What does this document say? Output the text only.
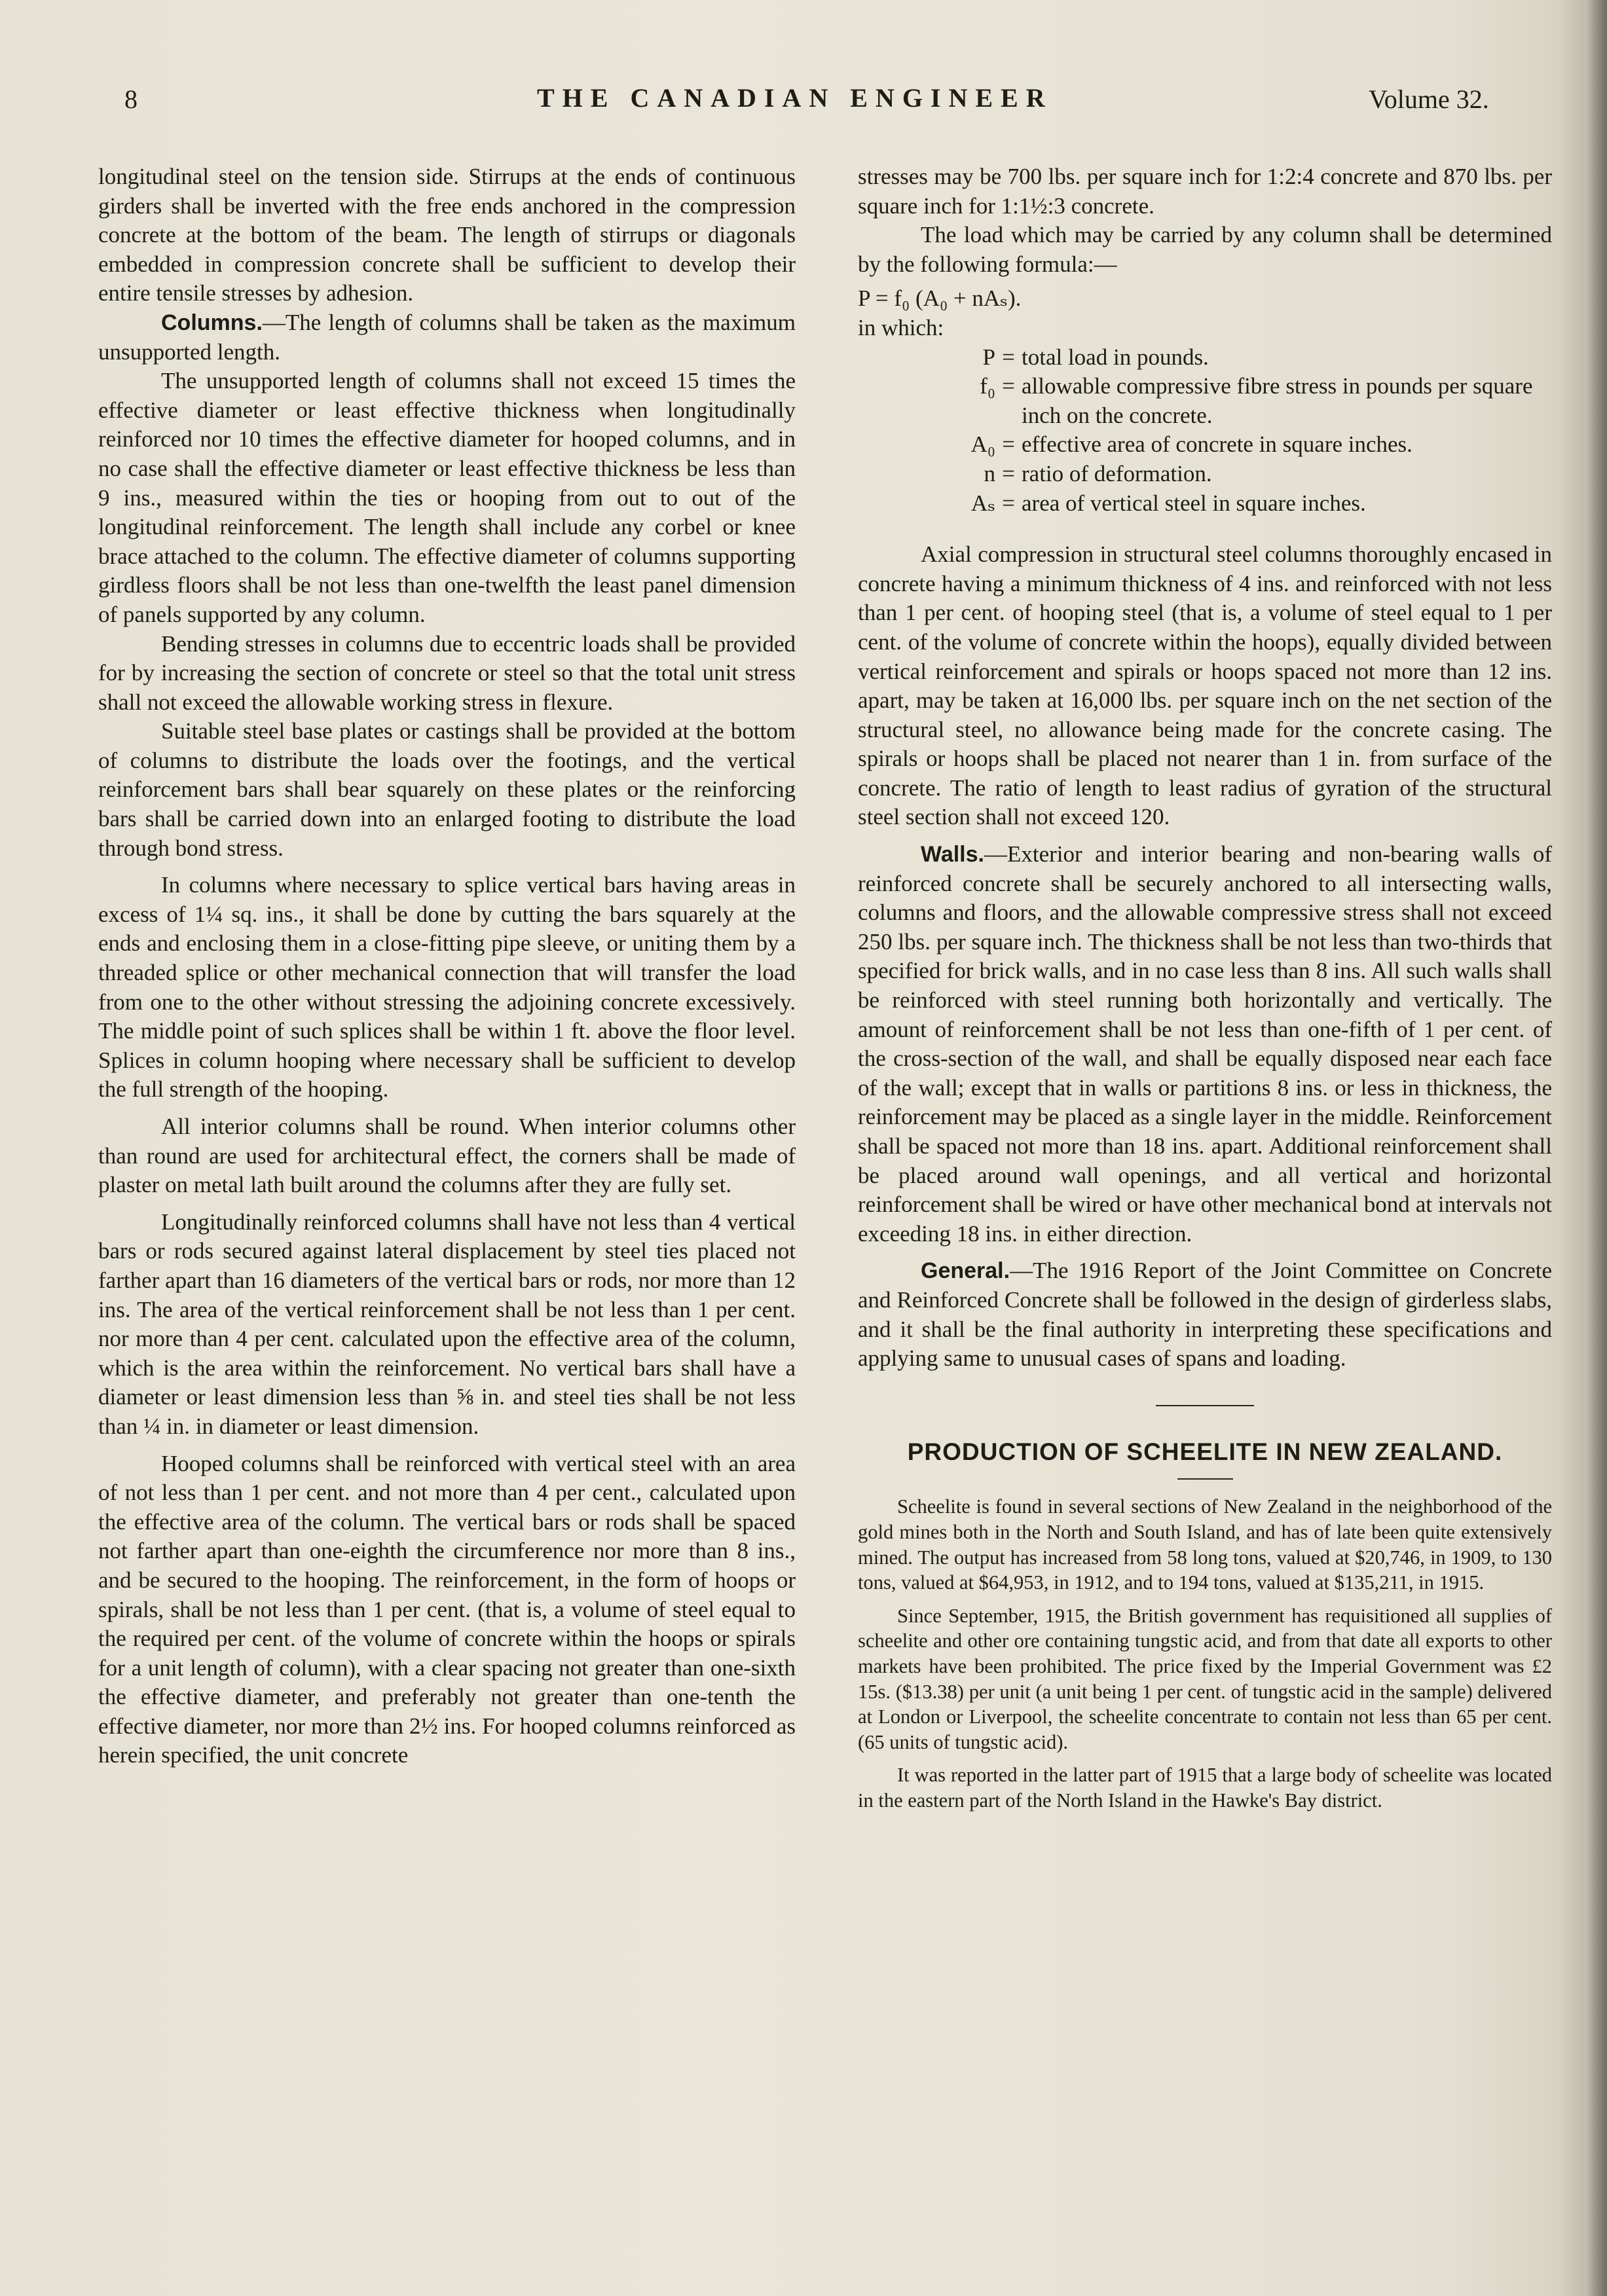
8	THE CANADIAN ENGINEER	Volume 32.

longitudinal steel on the tension side. Stirrups at the ends of continuous girders shall be inverted with the free ends anchored in the compression concrete at the bottom of the beam. The length of stirrups or diagonals embedded in compression concrete shall be sufficient to develop their entire tensile stresses by adhesion.

Columns.—The length of columns shall be taken as the maximum unsupported length.

The unsupported length of columns shall not exceed 15 times the effective diameter or least effective thickness when longitudinally reinforced nor 10 times the effective diameter for hooped columns, and in no case shall the effective diameter or least effective thickness be less than 9 ins., measured within the ties or hooping from out to out of the longitudinal reinforcement. The length shall include any corbel or knee brace attached to the column. The effective diameter of columns supporting girdless floors shall be not less than one-twelfth the least panel dimension of panels supported by any column.

Bending stresses in columns due to eccentric loads shall be provided for by increasing the section of concrete or steel so that the total unit stress shall not exceed the allowable working stress in flexure.

Suitable steel base plates or castings shall be provided at the bottom of columns to distribute the loads over the footings, and the vertical reinforcement bars shall bear squarely on these plates or the reinforcing bars shall be carried down into an enlarged footing to distribute the load through bond stress.

In columns where necessary to splice vertical bars having areas in excess of 1¼ sq. ins., it shall be done by cutting the bars squarely at the ends and enclosing them in a close-fitting pipe sleeve, or uniting them by a threaded splice or other mechanical connection that will transfer the load from one to the other without stressing the adjoining concrete excessively. The middle point of such splices shall be within 1 ft. above the floor level. Splices in column hooping where necessary shall be sufficient to develop the full strength of the hooping.

All interior columns shall be round. When interior columns other than round are used for architectural effect, the corners shall be made of plaster on metal lath built around the columns after they are fully set.

Longitudinally reinforced columns shall have not less than 4 vertical bars or rods secured against lateral displacement by steel ties placed not farther apart than 16 diameters of the vertical bars or rods, nor more than 12 ins. The area of the vertical reinforcement shall be not less than 1 per cent. nor more than 4 per cent. calculated upon the effective area of the column, which is the area within the reinforcement. No vertical bars shall have a diameter or least dimension less than ⅝ in. and steel ties shall be not less than ¼ in. in diameter or least dimension.

Hooped columns shall be reinforced with vertical steel with an area of not less than 1 per cent. and not more than 4 per cent., calculated upon the effective area of the column. The vertical bars or rods shall be spaced not farther apart than one-eighth the circumference nor more than 8 ins., and be secured to the hooping. The reinforcement, in the form of hoops or spirals, shall be not less than 1 per cent. (that is, a volume of steel equal to the required per cent. of the volume of concrete within the hoops or spirals for a unit length of column), with a clear spacing not greater than one-sixth the effective diameter, and preferably not greater than one-tenth the effective diameter, nor more than 2½ ins. For hooped columns reinforced as herein specified, the unit concrete

stresses may be 700 lbs. per square inch for 1:2:4 concrete and 870 lbs. per square inch for 1:1½:3 concrete.

The load which may be carried by any column shall be determined by the following formula:—

P = f₀ (A₀ + nAₛ).

in which:

P = total load in pounds.
f₀ = allowable compressive fibre stress in pounds per square inch on the concrete.
A₀ = effective area of concrete in square inches.
n = ratio of deformation.
Aₛ = area of vertical steel in square inches.

Axial compression in structural steel columns thoroughly encased in concrete having a minimum thickness of 4 ins. and reinforced with not less than 1 per cent. of hooping steel (that is, a volume of steel equal to 1 per cent. of the volume of concrete within the hoops), equally divided between vertical reinforcement and spirals or hoops spaced not more than 12 ins. apart, may be taken at 16,000 lbs. per square inch on the net section of the structural steel, no allowance being made for the concrete casing. The spirals or hoops shall be placed not nearer than 1 in. from surface of the concrete. The ratio of length to least radius of gyration of the structural steel section shall not exceed 120.

Walls.—Exterior and interior bearing and non-bearing walls of reinforced concrete shall be securely anchored to all intersecting walls, columns and floors, and the allowable compressive stress shall not exceed 250 lbs. per square inch. The thickness shall be not less than two-thirds that specified for brick walls, and in no case less than 8 ins. All such walls shall be reinforced with steel running both horizontally and vertically. The amount of reinforcement shall be not less than one-fifth of 1 per cent. of the cross-section of the wall, and shall be equally disposed near each face of the wall; except that in walls or partitions 8 ins. or less in thickness, the reinforcement may be placed as a single layer in the middle. Reinforcement shall be spaced not more than 18 ins. apart. Additional reinforcement shall be placed around wall openings, and all vertical and horizontal reinforcement shall be wired or have other mechanical bond at intervals not exceeding 18 ins. in either direction.

General.—The 1916 Report of the Joint Committee on Concrete and Reinforced Concrete shall be followed in the design of girderless slabs, and it shall be the final authority in interpreting these specifications and applying same to unusual cases of spans and loading.

PRODUCTION OF SCHEELITE IN NEW ZEALAND.

Scheelite is found in several sections of New Zealand in the neighborhood of the gold mines both in the North and South Island, and has of late been quite extensively mined. The output has increased from 58 long tons, valued at $20,746, in 1909, to 130 tons, valued at $64,953, in 1912, and to 194 tons, valued at $135,211, in 1915.

Since September, 1915, the British government has requisitioned all supplies of scheelite and other ore containing tungstic acid, and from that date all exports to other markets have been prohibited. The price fixed by the Imperial Government was £2 15s. ($13.38) per unit (a unit being 1 per cent. of tungstic acid in the sample) delivered at London or Liverpool, the scheelite concentrate to contain not less than 65 per cent. (65 units of tungstic acid).

It was reported in the latter part of 1915 that a large body of scheelite was located in the eastern part of the North Island in the Hawke's Bay district.
